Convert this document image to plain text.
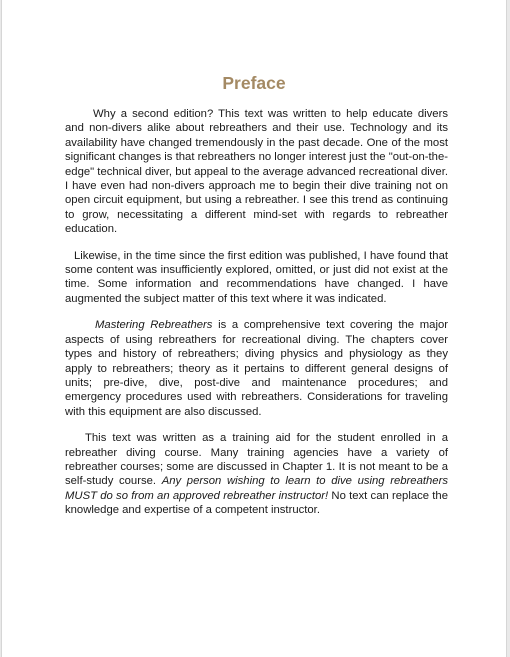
Preface

Why a second edition? This text was written to help educate divers and non-divers alike about rebreathers and their use. Technology and its availability have changed tremendously in the past decade. One of the most significant changes is that rebreathers no longer interest just the "out-on-the-edge" technical diver, but appeal to the average advanced recreational diver. I have even had non-divers approach me to begin their dive training not on open circuit equipment, but using a rebreather. I see this trend as continuing to grow, necessitating a different mind-set with regards to rebreather education.

Likewise, in the time since the first edition was published, I have found that some content was insufficiently explored, omitted, or just did not exist at the time. Some information and recommendations have changed. I have augmented the subject matter of this text where it was indicated.

Mastering Rebreathers is a comprehensive text covering the major aspects of using rebreathers for recreational diving. The chapters cover types and history of rebreathers; diving physics and physiology as they apply to rebreathers; theory as it pertains to different general designs of units; pre-dive, dive, post-dive and maintenance procedures; and emergency procedures used with rebreathers. Considerations for traveling with this equipment are also discussed.

This text was written as a training aid for the student enrolled in a rebreather diving course. Many training agencies have a variety of rebreather courses; some are discussed in Chapter 1. It is not meant to be a self-study course. Any person wishing to learn to dive using rebreathers MUST do so from an approved rebreather instructor! No text can replace the knowledge and expertise of a competent instructor.
